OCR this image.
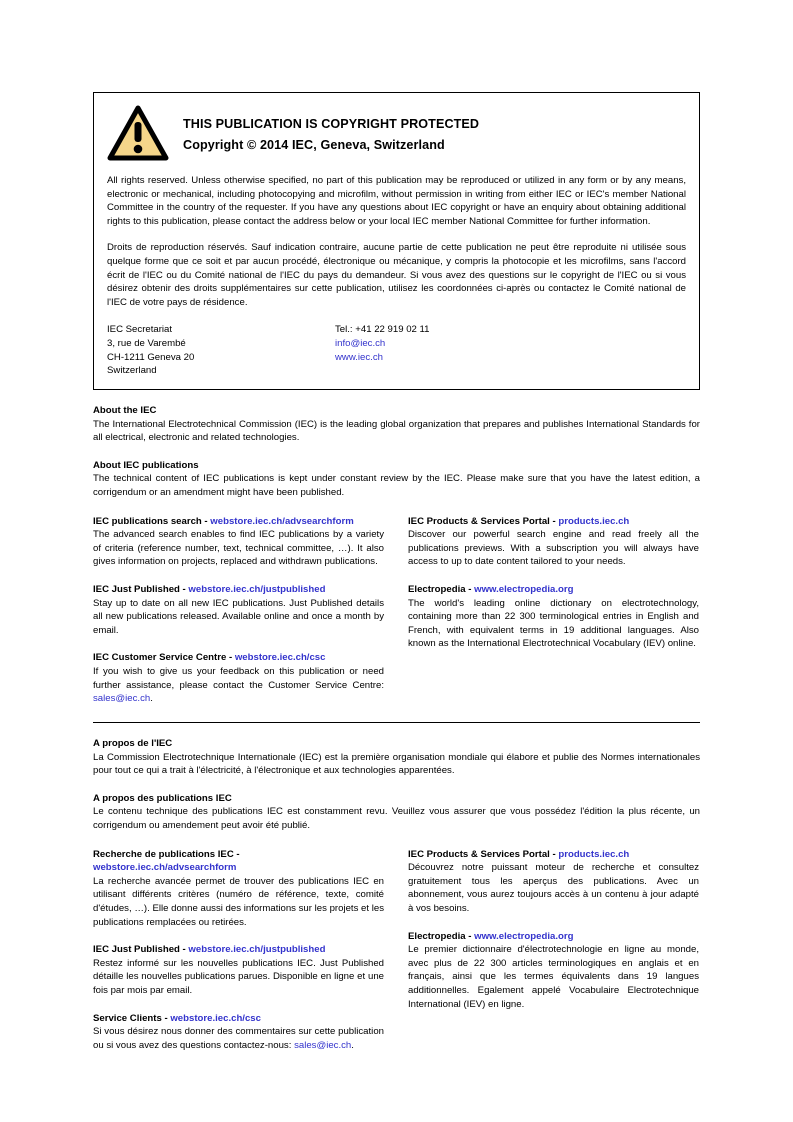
THIS PUBLICATION IS COPYRIGHT PROTECTED
Copyright © 2014 IEC, Geneva, Switzerland
All rights reserved. Unless otherwise specified, no part of this publication may be reproduced or utilized in any form or by any means, electronic or mechanical, including photocopying and microfilm, without permission in writing from either IEC or IEC's member National Committee in the country of the requester. If you have any questions about IEC copyright or have an enquiry about obtaining additional rights to this publication, please contact the address below or your local IEC member National Committee for further information.
Droits de reproduction réservés. Sauf indication contraire, aucune partie de cette publication ne peut être reproduite ni utilisée sous quelque forme que ce soit et par aucun procédé, électronique ou mécanique, y compris la photocopie et les microfilms, sans l'accord écrit de l'IEC ou du Comité national de l'IEC du pays du demandeur. Si vous avez des questions sur le copyright de l'IEC ou si vous désirez obtenir des droits supplémentaires sur cette publication, utilisez les coordonnées ci-après ou contactez le Comité national de l'IEC de votre pays de résidence.
IEC Secretariat
3, rue de Varembé
CH-1211 Geneva 20
Switzerland
Tel.: +41 22 919 02 11
info@iec.ch
www.iec.ch
About the IEC
The International Electrotechnical Commission (IEC) is the leading global organization that prepares and publishes International Standards for all electrical, electronic and related technologies.
About IEC publications
The technical content of IEC publications is kept under constant review by the IEC. Please make sure that you have the latest edition, a corrigendum or an amendment might have been published.
IEC publications search - webstore.iec.ch/advsearchform
The advanced search enables to find IEC publications by a variety of criteria (reference number, text, technical committee, …). It also gives information on projects, replaced and withdrawn publications.
IEC Just Published - webstore.iec.ch/justpublished
Stay up to date on all new IEC publications. Just Published details all new publications released. Available online and once a month by email.
IEC Customer Service Centre - webstore.iec.ch/csc
If you wish to give us your feedback on this publication or need further assistance, please contact the Customer Service Centre: sales@iec.ch.
IEC Products & Services Portal - products.iec.ch
Discover our powerful search engine and read freely all the publications previews. With a subscription you will always have access to up to date content tailored to your needs.
Electropedia - www.electropedia.org
The world's leading online dictionary on electrotechnology, containing more than 22 300 terminological entries in English and French, with equivalent terms in 19 additional languages. Also known as the International Electrotechnical Vocabulary (IEV) online.
A propos de l'IEC
La Commission Electrotechnique Internationale (IEC) est la première organisation mondiale qui élabore et publie des Normes internationales pour tout ce qui a trait à l'électricité, à l'électronique et aux technologies apparentées.
A propos des publications IEC
Le contenu technique des publications IEC est constamment revu. Veuillez vous assurer que vous possédez l'édition la plus récente, un corrigendum ou amendement peut avoir été publié.
Recherche de publications IEC -
webstore.iec.ch/advsearchform
La recherche avancée permet de trouver des publications IEC en utilisant différents critères (numéro de référence, texte, comité d'études, …). Elle donne aussi des informations sur les projets et les publications remplacées ou retirées.
IEC Just Published - webstore.iec.ch/justpublished
Restez informé sur les nouvelles publications IEC. Just Published détaille les nouvelles publications parues. Disponible en ligne et une fois par mois par email.
Service Clients - webstore.iec.ch/csc
Si vous désirez nous donner des commentaires sur cette publication ou si vous avez des questions contactez-nous: sales@iec.ch.
IEC Products & Services Portal - products.iec.ch
Découvrez notre puissant moteur de recherche et consultez gratuitement tous les aperçus des publications. Avec un abonnement, vous aurez toujours accès à un contenu à jour adapté à vos besoins.
Electropedia - www.electropedia.org
Le premier dictionnaire d'électrotechnologie en ligne au monde, avec plus de 22 300 articles terminologiques en anglais et en français, ainsi que les termes équivalents dans 19 langues additionnelles. Egalement appelé Vocabulaire Electrotechnique International (IEV) en ligne.
